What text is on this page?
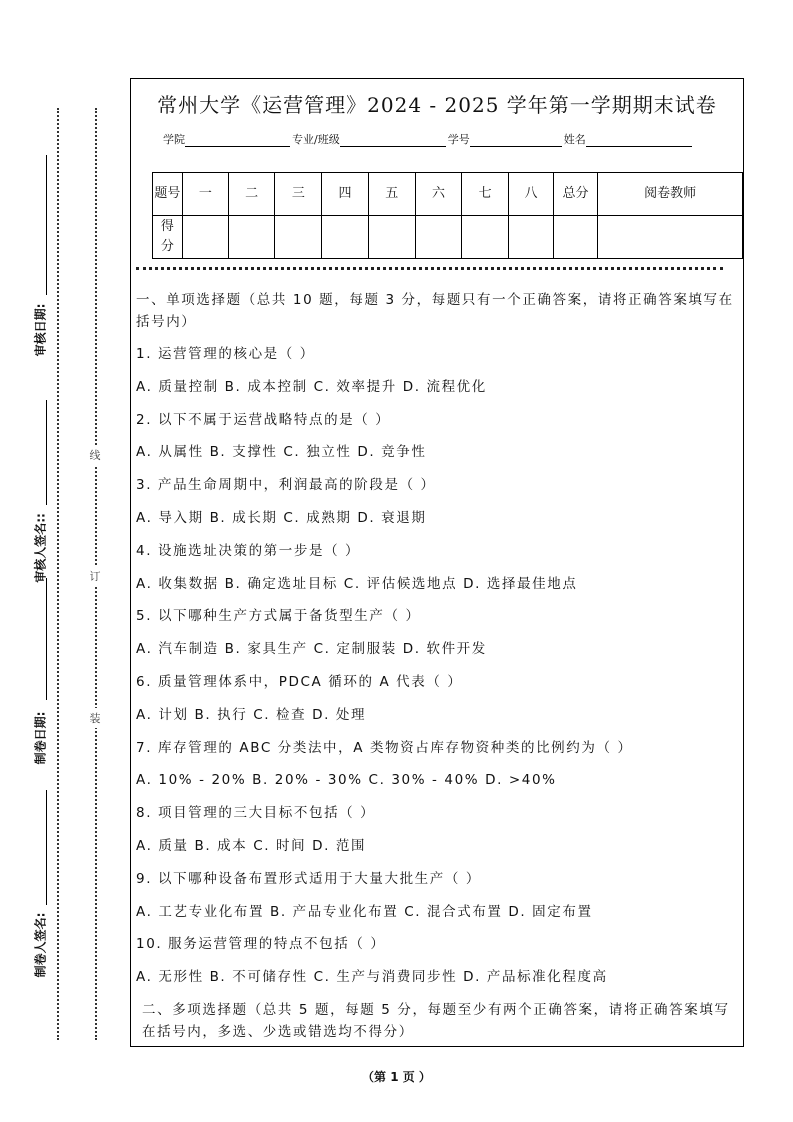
线
订
装
审核日期:
审核人签名::
制卷日期:
制卷人签名:
常州大学《运营管理》2024 - 2025 学年第一学期期末试卷
学院	专业/班级	学号	姓名
题号	一	二	三	四	五	六	七	八	总分	阅卷教师
得分										
一、单项选择题（总共 10 题，每题 3 分，每题只有一个正确答案，请将正确答案填写在括号内）
1. 运营管理的核心是（ ）
A. 质量控制 B. 成本控制 C. 效率提升 D. 流程优化
2. 以下不属于运营战略特点的是（ ）
A. 从属性 B. 支撑性 C. 独立性 D. 竞争性
3. 产品生命周期中，利润最高的阶段是（ ）
A. 导入期 B. 成长期 C. 成熟期 D. 衰退期
4. 设施选址决策的第一步是（ ）
A. 收集数据 B. 确定选址目标 C. 评估候选地点 D. 选择最佳地点
5. 以下哪种生产方式属于备货型生产（ ）
A. 汽车制造 B. 家具生产 C. 定制服装 D. 软件开发
6. 质量管理体系中，PDCA 循环的 A 代表（ ）
A. 计划 B. 执行 C. 检查 D. 处理
7. 库存管理的 ABC 分类法中，A 类物资占库存物资种类的比例约为（ ）
A. 10% - 20% B. 20% - 30% C. 30% - 40% D. >40%
8. 项目管理的三大目标不包括（ ）
A. 质量 B. 成本 C. 时间 D. 范围
9. 以下哪种设备布置形式适用于大量大批生产（ ）
A. 工艺专业化布置 B. 产品专业化布置 C. 混合式布置 D. 固定布置
10. 服务运营管理的特点不包括（ ）
A. 无形性 B. 不可储存性 C. 生产与消费同步性 D. 产品标准化程度高
二、多项选择题（总共 5 题，每题 5 分，每题至少有两个正确答案，请将正确答案填写在括号内，多选、少选或错选均不得分）
（第 1 页 ）
